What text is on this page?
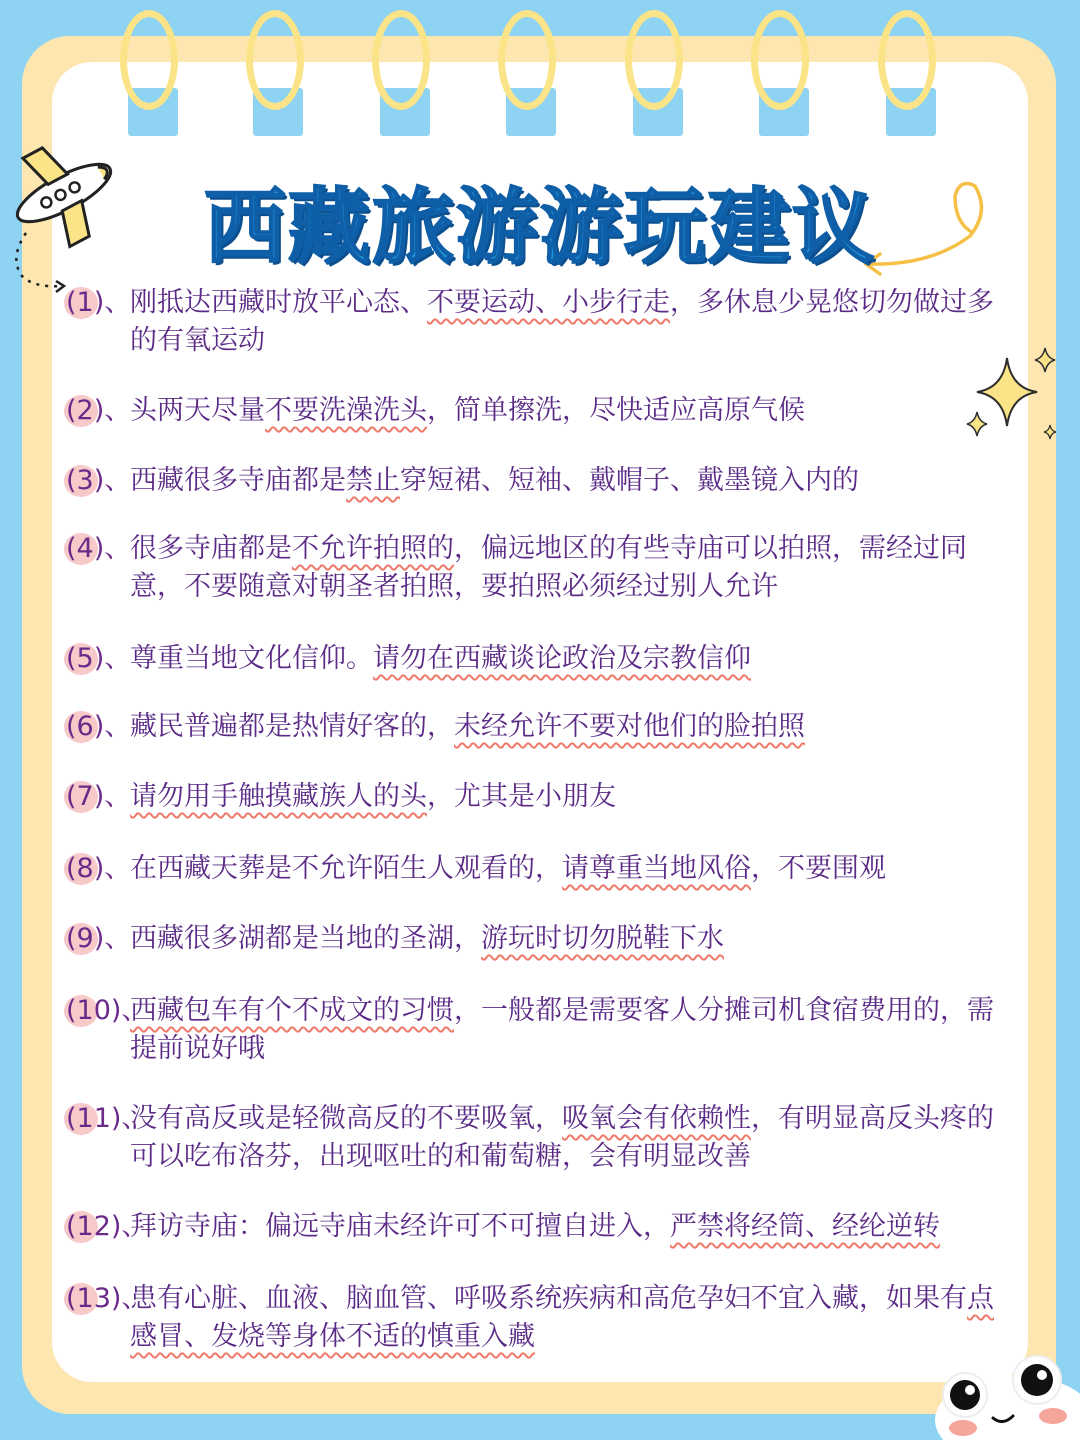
西藏旅游游玩建议
(1)、
刚抵达西藏时放平心态、不要运动、小步行走，多休息少晃悠切勿做过多的有氧运动
(2)、
头两天尽量不要洗澡洗头，简单擦洗，尽快适应高原气候
(3)、
西藏很多寺庙都是禁止穿短裙、短袖、戴帽子、戴墨镜入内的
(4)、
很多寺庙都是不允许拍照的，偏远地区的有些寺庙可以拍照，需经过同意，不要随意对朝圣者拍照，要拍照必须经过别人允许
(5)、
尊重当地文化信仰。请勿在西藏谈论政治及宗教信仰
(6)、
藏民普遍都是热情好客的，未经允许不要对他们的脸拍照
(7)、
请勿用手触摸藏族人的头，尤其是小朋友
(8)、
在西藏天葬是不允许陌生人观看的，请尊重当地风俗，不要围观
(9)、
西藏很多湖都是当地的圣湖，游玩时切勿脱鞋下水
(10)、
西藏包车有个不成文的习惯，一般都是需要客人分摊司机食宿费用的，需提前说好哦
(11)、
没有高反或是轻微高反的不要吸氧，吸氧会有依赖性，有明显高反头疼的可以吃布洛芬，出现呕吐的和葡萄糖，会有明显改善
(12)、
拜访寺庙：偏远寺庙未经许可不可擅自进入，严禁将经筒、经纶逆转
(13)、
患有心脏、血液、脑血管、呼吸系统疾病和高危孕妇不宜入藏，如果有点感冒、发烧等身体不适的慎重入藏
